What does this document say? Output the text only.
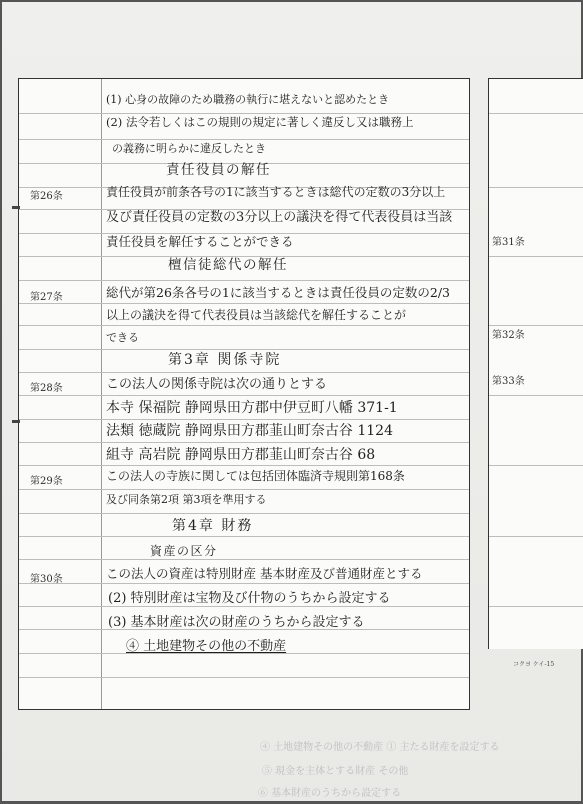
④ 土地建物その他の不動産 ① 主たる財産を設定する
⑤ 現金を主体とする財産 その他
⑥ 基本財産のうちから設定する
(1) 心身の故障のため職務の執行に堪えないと認めたとき
(2) 法令若しくはこの規則の規定に著しく違反し又は職務上
の義務に明らかに違反したとき
責任役員の解任
責任役員が前条各号の1に該当するときは総代の定数の3分以上
及び責任役員の定数の3分以上の議決を得て代表役員は当該
責任役員を解任することができる
檀信徒総代の解任
総代が第26条各号の1に該当するときは責任役員の定数の2/3
以上の議決を得て代表役員は当該総代を解任することが
できる
第3章 関係寺院
この法人の関係寺院は次の通りとする
本寺 保福院 静岡県田方郡中伊豆町八幡 371-1
法類 徳蔵院 静岡県田方郡韮山町奈古谷 1124
組寺 高岩院 静岡県田方郡韮山町奈古谷 68
この法人の寺族に関しては包括団体臨済寺規則第168条
及び同条第2項 第3項を準用する
第4章 財務
資産の区分
この法人の資産は特別財産 基本財産及び普通財産とする
(2) 特別財産は宝物及び什物のうちから設定する
(3) 基本財産は次の財産のうちから設定する
④ 土地建物その他の不動産
第26条
第27条
第28条
第29条
第30条
第31条
第32条
第33条
コクヨ ケイ-15
